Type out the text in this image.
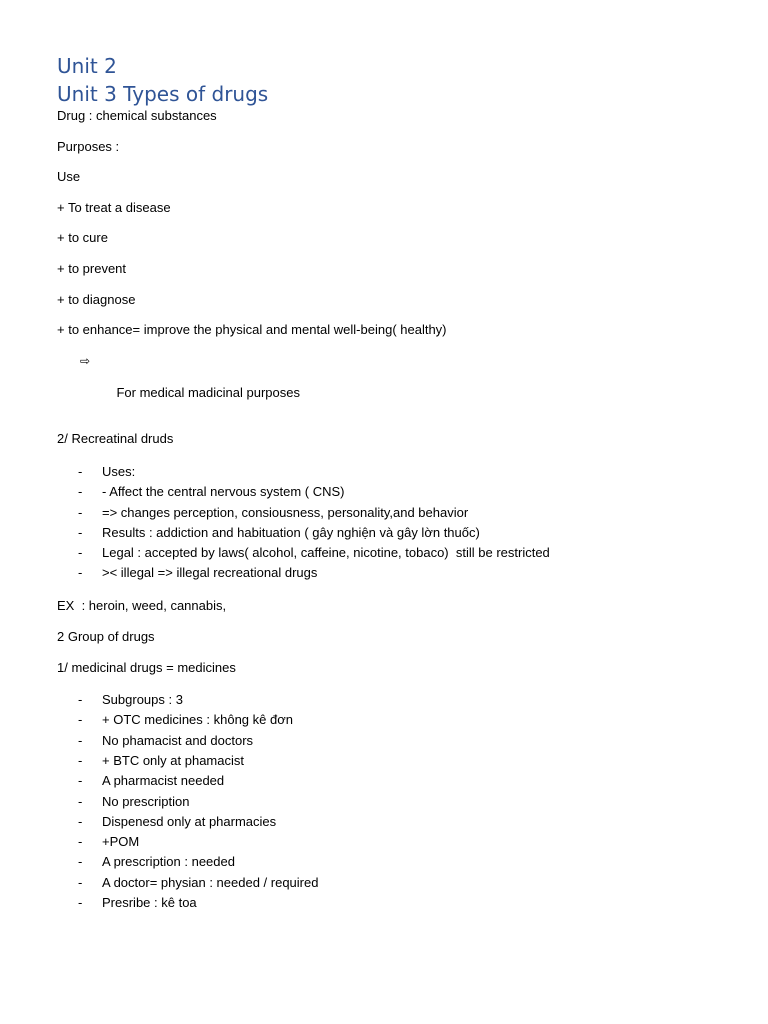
Unit 2
Unit 3 Types of drugs

Drug : chemical substances

Purposes :

Use

+ To treat a disease

+ to cure

+ to prevent

+ to diagnose

+ to enhance= improve the physical and mental well-being( healthy)

⇨

For medical madicinal purposes

2/ Recreatinal druds

- Uses:
- - Affect the central nervous system ( CNS)
- => changes perception, consiousness, personality,and behavior
- Results : addiction and habituation ( gây nghiện và gây lờn thuốc)
- Legal : accepted by laws( alcohol, caffeine, nicotine, tobaco)  still be restricted
- >< illegal => illegal recreational drugs

EX  : heroin, weed, cannabis,

2 Group of drugs

1/ medicinal drugs = medicines

- Subgroups : 3
- + OTC medicines : không kê đơn
- No phamacist and doctors
- + BTC only at phamacist
- A pharmacist needed
- No prescription
- Dispenesd only at pharmacies
- +POM
- A prescription : needed
- A doctor= physian : needed / required
- Presribe : kê toa
